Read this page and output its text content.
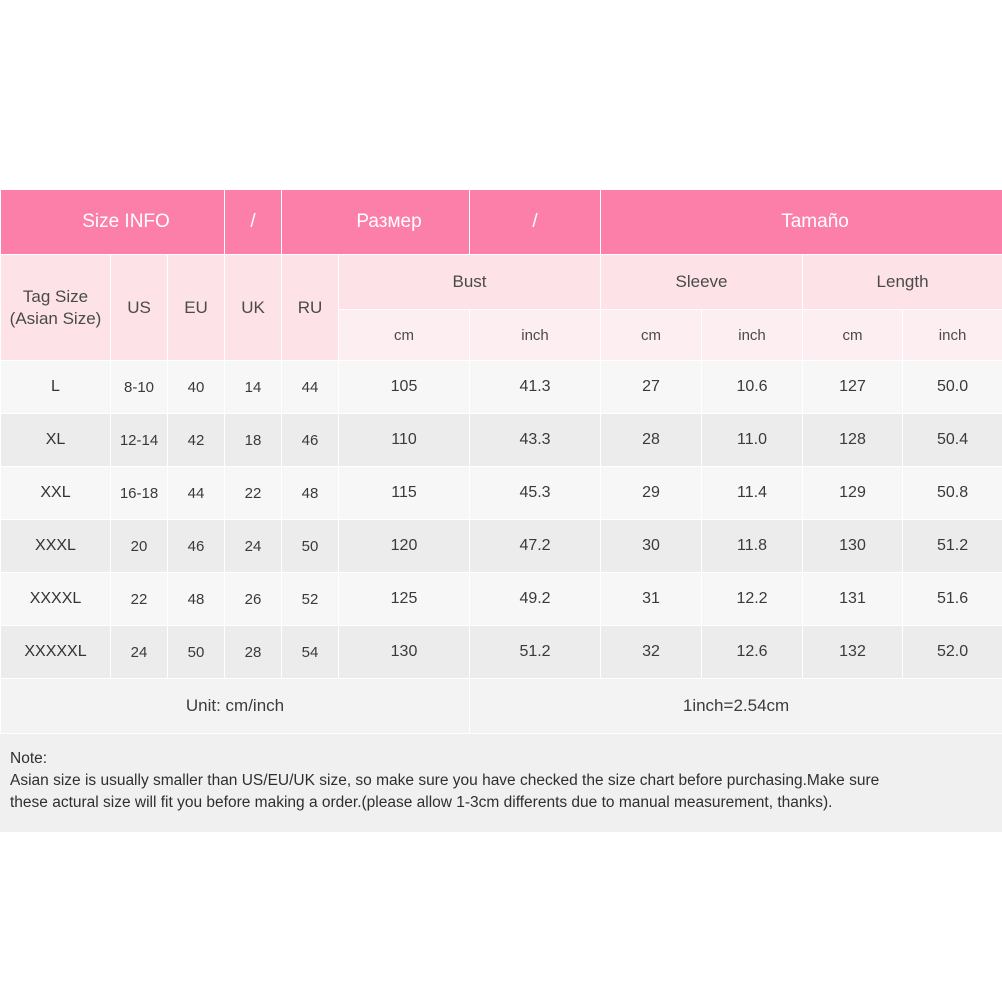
Size INFO			/	Размер		/	Tamaño			

Tag Size
(Asian Size)	US	EU	UK	RU	Bust		Sleeve		Length	
					cm	inch	cm	inch	cm	inch
L	8-10	40	14	44	105	41.3	27	10.6	127	50.0
XL	12-14	42	18	46	110	43.3	28	11.0	128	50.4
XXL	16-18	44	22	48	115	45.3	29	11.4	129	50.8
XXXL	20	46	24	50	120	47.2	30	11.8	130	51.2
XXXXL	22	48	26	52	125	49.2	31	12.2	131	51.6
XXXXXL	24	50	28	54	130	51.2	32	12.6	132	52.0
Unit: cm/inch						1inch=2.54cm				
Note:
Asian size is usually smaller than US/EU/UK size, so make sure you have checked the size chart before purchasing.Make sure
these actural size will fit you before making a order.(please allow 1-3cm differents due to manual measurement, thanks).
